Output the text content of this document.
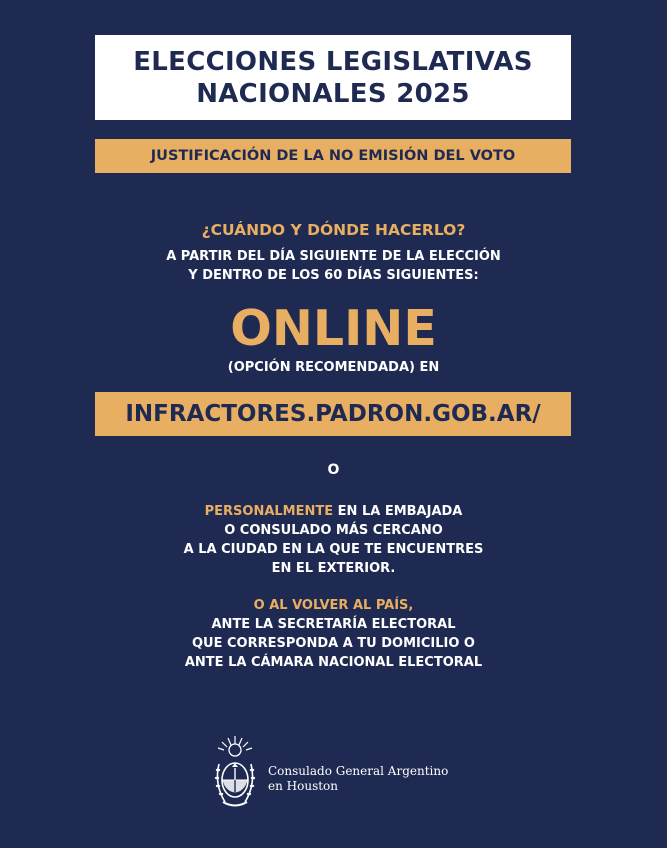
ELECCIONES LEGISLATIVAS
NACIONALES 2025
JUSTIFICACIÓN DE LA NO EMISIÓN DEL VOTO
¿CUÁNDO Y DÓNDE HACERLO?
A PARTIR DEL DÍA SIGUIENTE DE LA ELECCIÓN
Y DENTRO DE LOS 60 DÍAS SIGUIENTES:
ONLINE
(OPCIÓN RECOMENDADA) EN
INFRACTORES.PADRON.GOB.AR/
O
PERSONALMENTE EN LA EMBAJADA
O CONSULADO MÁS CERCANO
A LA CIUDAD EN LA QUE TE ENCUENTRES
EN EL EXTERIOR.
O AL VOLVER AL PAÍS,
ANTE LA SECRETARÍA ELECTORAL
QUE CORRESPONDA A TU DOMICILIO O
ANTE LA CÁMARA NACIONAL ELECTORAL
Consulado General Argentino
en Houston
